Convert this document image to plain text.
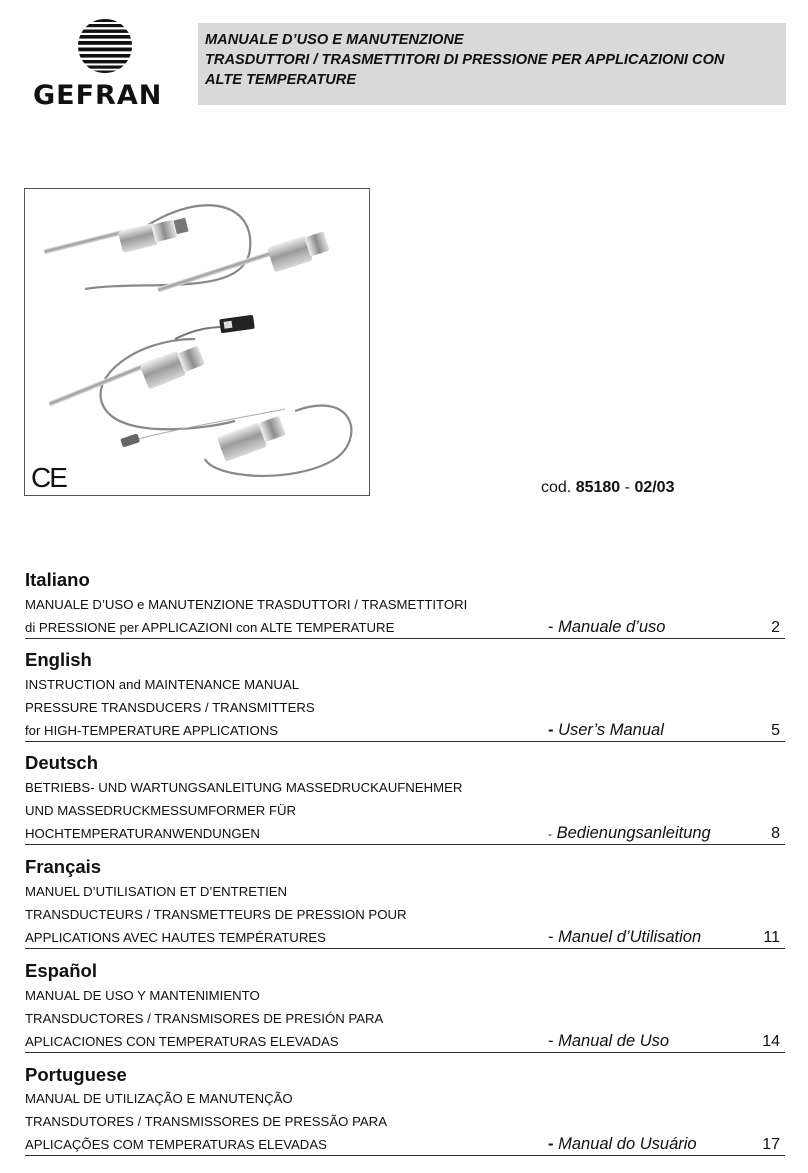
GEFRAN
MANUALE D’USO E MANUTENZIONE
TRASDUTTORI / TRASMETTITORI DI PRESSIONE PER APPLICAZIONI CON
ALTE TEMPERATURE
CE	cod. 85180 - 02/03
Italiano
MANUALE D’USO e MANUTENZIONE TRASDUTTORI / TRASMETTITORI
di PRESSIONE per APPLICAZIONI con ALTE TEMPERATURE	- Manuale d’uso	2
English
INSTRUCTION and MAINTENANCE MANUAL
PRESSURE TRANSDUCERS / TRANSMITTERS
for HIGH-TEMPERATURE APPLICATIONS	- User’s Manual	5
Deutsch
BETRIEBS- UND WARTUNGSANLEITUNG MASSEDRUCKAUFNEHMER
UND MASSEDRUCKMESSUMFORMER FÜR
HOCHTEMPERATURANWENDUNGEN	- Bedienungsanleitung	8
Français
MANUEL D’UTILISATION ET D’ENTRETIEN
TRANSDUCTEURS / TRANSMETTEURS DE PRESSION POUR
APPLICATIONS AVEC HAUTES TEMPÉRATURES	- Manuel d’Utilisation	11
Español
MANUAL DE USO Y MANTENIMIENTO
TRANSDUCTORES / TRANSMISORES DE PRESIÓN PARA
APLICACIONES CON TEMPERATURAS ELEVADAS	- Manual de Uso	14
Portuguese
MANUAL DE UTILIZAÇÃO E MANUTENÇÃO
TRANSDUTORES / TRANSMISSORES DE PRESSÃO PARA
APLICAÇÕES COM TEMPERATURAS ELEVADAS	- Manual do Usuário	17
